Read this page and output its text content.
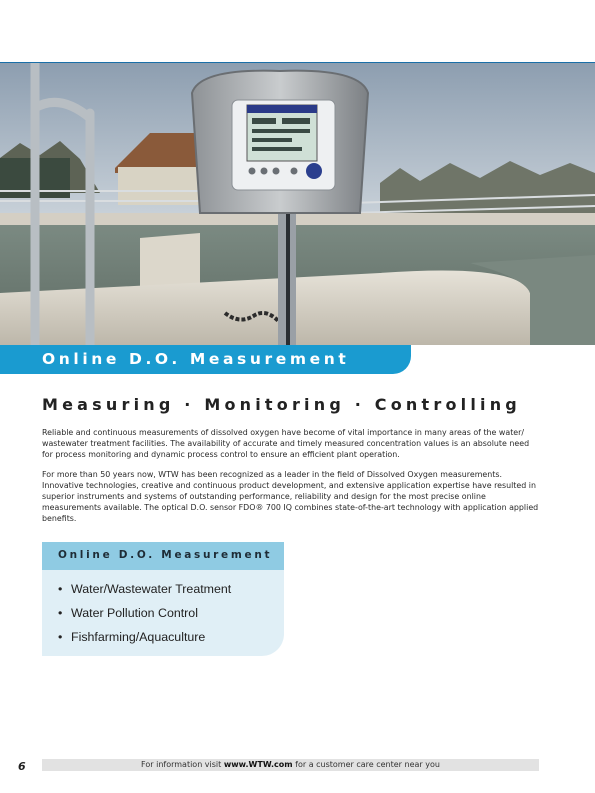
Online D.O. Measurement
Measuring · Monitoring · Controlling

Reliable and continuous measurements of dissolved oxygen have become of vital importance in many areas of the water/ wastewater treatment facilities. The availability of accurate and timely measured concentration values is an absolute need for process monitoring and dynamic process control to ensure an efficient plant operation.

For more than 50 years now, WTW has been recognized as a leader in the field of Dissolved Oxygen measurements. Innovative technologies, creative and continuous product development, and extensive application expertise have resulted in superior instruments and systems of outstanding performance, reliability and design for the most precise online measurements available. The optical D.O. sensor FDO® 700 IQ combines state-of-the-art technology with application applied benefits.

Online D.O. Measurement
• Water/Wastewater Treatment
• Water Pollution Control
• Fishfarming/Aquaculture
6	For information visit www.WTW.com for a customer care center near you
